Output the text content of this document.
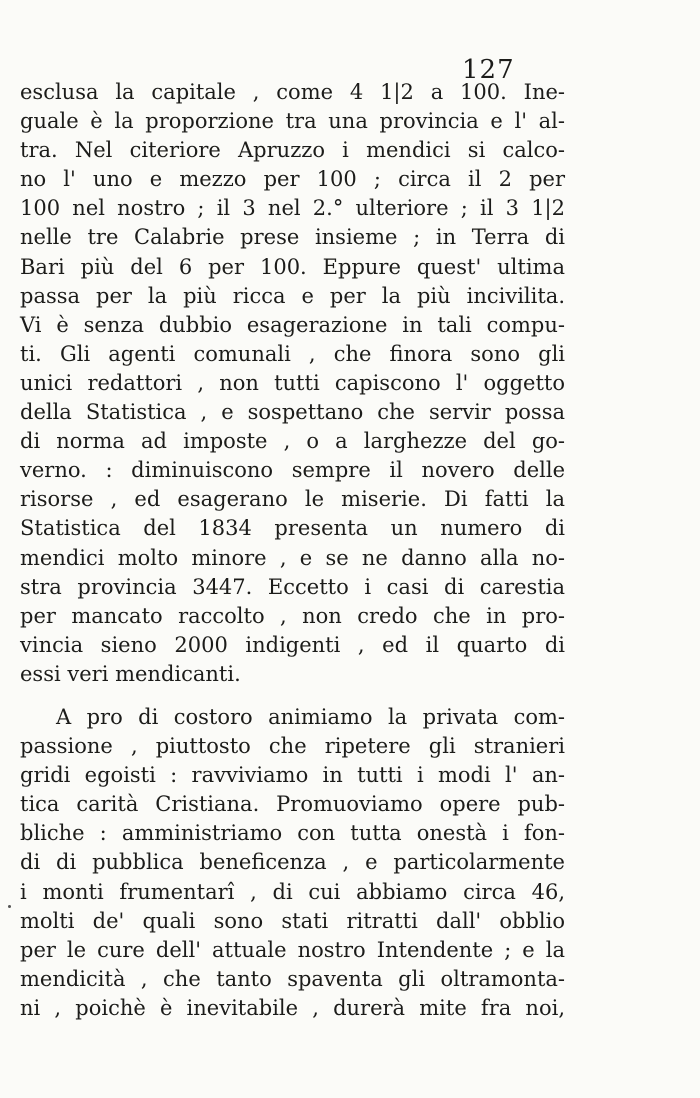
127
esclusa la capitale , come 4 1|2 a 100. Ine-
guale è la proporzione tra una provincia e l' al-
tra. Nel citeriore Apruzzo i mendici si calco-
no l' uno e mezzo per 100 ; circa il 2 per
100 nel nostro ; il 3 nel 2.° ulteriore ; il 3 1|2
nelle tre Calabrie prese insieme ; in Terra di
Bari più del 6 per 100. Eppure quest' ultima
passa per la più ricca e per la più incivilita.
Vi è senza dubbio esagerazione in tali compu-
ti. Gli agenti comunali , che finora sono gli
unici redattori , non tutti capiscono l' oggetto
della Statistica , e sospettano che servir possa
di norma ad imposte , o a larghezze del go-
verno. : diminuiscono sempre il novero delle
risorse , ed esagerano le miserie. Di fatti la
Statistica del 1834 presenta un numero di
mendici molto minore , e se ne danno alla no-
stra provincia 3447. Eccetto i casi di carestia
per mancato raccolto , non credo che in pro-
vincia sieno 2000 indigenti , ed il quarto di
essi veri mendicanti.
A pro di costoro animiamo la privata com-
passione , piuttosto che ripetere gli stranieri
gridi egoisti : ravviviamo in tutti i modi l' an-
tica carità Cristiana. Promuoviamo opere pub-
bliche : amministriamo con tutta onestà i fon-
di di pubblica beneficenza , e particolarmente
i monti frumentarî , di cui abbiamo circa 46,
molti de' quali sono stati ritratti dall' obblio
per le cure dell' attuale nostro Intendente ; e la
mendicità , che tanto spaventa gli oltramonta-
ni , poichè è inevitabile , durerà mite fra noi,
